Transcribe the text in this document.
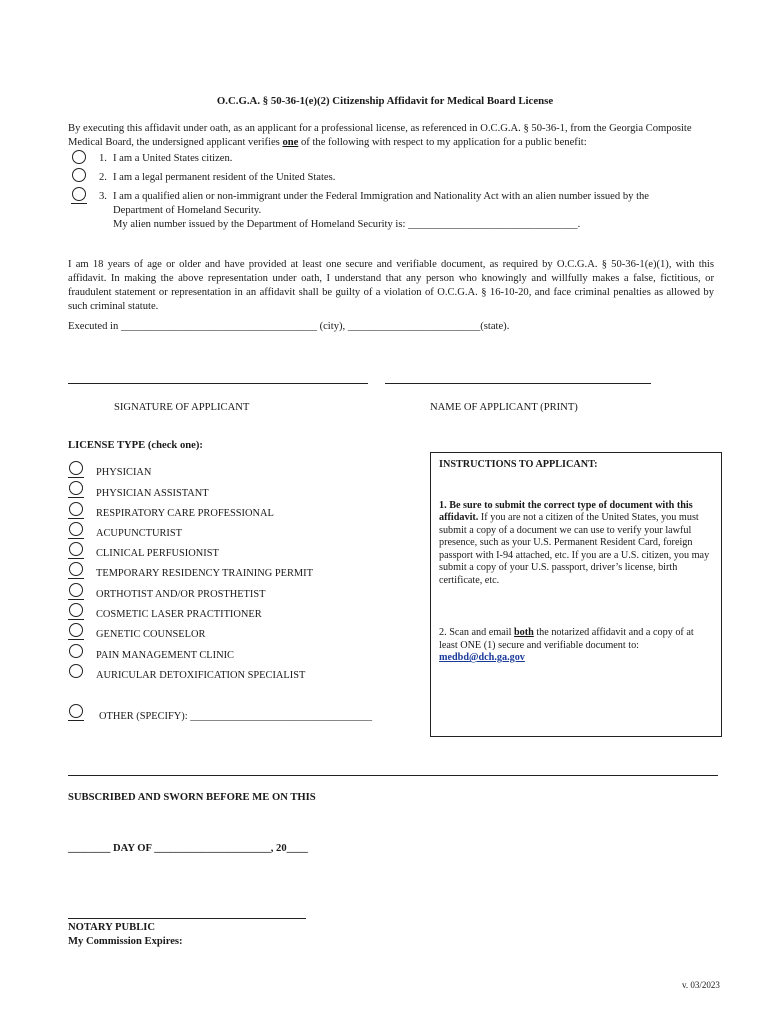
O.C.G.A. § 50-36-1(e)(2) Citizenship Affidavit for Medical Board License
By executing this affidavit under oath, as an applicant for a professional license, as referenced in O.C.G.A. § 50-36-1, from the Georgia Composite Medical Board, the undersigned applicant verifies one of the following with respect to my application for a public benefit:
1. I am a United States citizen.
2. I am a legal permanent resident of the United States.
3. I am a qualified alien or non-immigrant under the Federal Immigration and Nationality Act with an alien number issued by the
Department of Homeland Security.
My alien number issued by the Department of Homeland Security is: ________________________________.
I am 18 years of age or older and have provided at least one secure and verifiable document, as required by O.C.G.A. § 50-36-1(e)(1), with this affidavit. In making the above representation under oath, I understand that any person who knowingly and willfully makes a false, fictitious, or fraudulent statement or representation in an affidavit shall be guilty of a violation of O.C.G.A. § 16-10-20, and face criminal penalties as allowed by such criminal statute.
Executed in _____________________________________ (city), _________________________(state).
SIGNATURE OF APPLICANT	NAME OF APPLICANT (PRINT)
LICENSE TYPE (check one):
PHYSICIAN
PHYSICIAN ASSISTANT
RESPIRATORY CARE PROFESSIONAL
ACUPUNCTURIST
CLINICAL PERFUSIONIST
TEMPORARY RESIDENCY TRAINING PERMIT
ORTHOTIST AND/OR PROSTHETIST
COSMETIC LASER PRACTITIONER
GENETIC COUNSELOR
PAIN MANAGEMENT CLINIC
AURICULAR DETOXIFICATION SPECIALIST
OTHER (SPECIFY): ___________________________________
INSTRUCTIONS TO APPLICANT:
1. Be sure to submit the correct type of document with this affidavit. If you are not a citizen of the United States, you must submit a copy of a document we can use to verify your lawful presence, such as your U.S. Permanent Resident Card, foreign passport with I-94 attached, etc. If you are a U.S. citizen, you may submit a copy of your U.S. passport, driver’s license, birth certificate, etc.
2. Scan and email both the notarized affidavit and a copy of at least ONE (1) secure and verifiable document to:
medbd@dch.ga.gov
SUBSCRIBED AND SWORN BEFORE ME ON THIS
________ DAY OF ______________________, 20____
NOTARY PUBLIC
My Commission Expires:
v. 03/2023
